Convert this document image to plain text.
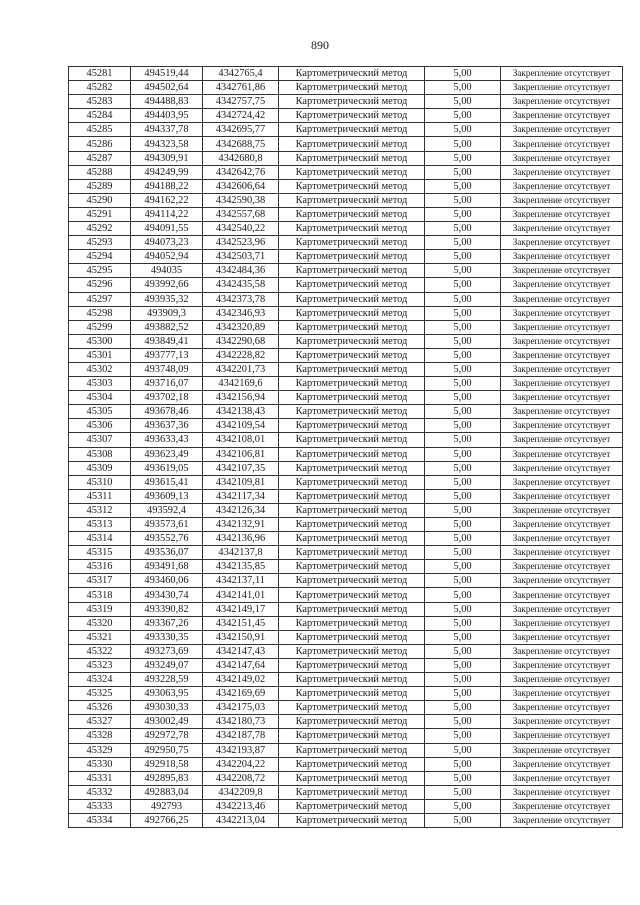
890
45281	494519,44	4342765,4	Картометрический метод	5,00	Закрепление отсутствует
45282	494502,64	4342761,86	Картометрический метод	5,00	Закрепление отсутствует
45283	494488,83	4342757,75	Картометрический метод	5,00	Закрепление отсутствует
45284	494403,95	4342724,42	Картометрический метод	5,00	Закрепление отсутствует
45285	494337,78	4342695,77	Картометрический метод	5,00	Закрепление отсутствует
45286	494323,58	4342688,75	Картометрический метод	5,00	Закрепление отсутствует
45287	494309,91	4342680,8	Картометрический метод	5,00	Закрепление отсутствует
45288	494249,99	4342642,76	Картометрический метод	5,00	Закрепление отсутствует
45289	494188,22	4342606,64	Картометрический метод	5,00	Закрепление отсутствует
45290	494162,22	4342590,38	Картометрический метод	5,00	Закрепление отсутствует
45291	494114,22	4342557,68	Картометрический метод	5,00	Закрепление отсутствует
45292	494091,55	4342540,22	Картометрический метод	5,00	Закрепление отсутствует
45293	494073,23	4342523,96	Картометрический метод	5,00	Закрепление отсутствует
45294	494052,94	4342503,71	Картометрический метод	5,00	Закрепление отсутствует
45295	494035	4342484,36	Картометрический метод	5,00	Закрепление отсутствует
45296	493992,66	4342435,58	Картометрический метод	5,00	Закрепление отсутствует
45297	493935,32	4342373,78	Картометрический метод	5,00	Закрепление отсутствует
45298	493909,3	4342346,93	Картометрический метод	5,00	Закрепление отсутствует
45299	493882,52	4342320,89	Картометрический метод	5,00	Закрепление отсутствует
45300	493849,41	4342290,68	Картометрический метод	5,00	Закрепление отсутствует
45301	493777,13	4342228,82	Картометрический метод	5,00	Закрепление отсутствует
45302	493748,09	4342201,73	Картометрический метод	5,00	Закрепление отсутствует
45303	493716,07	4342169,6	Картометрический метод	5,00	Закрепление отсутствует
45304	493702,18	4342156,94	Картометрический метод	5,00	Закрепление отсутствует
45305	493678,46	4342138,43	Картометрический метод	5,00	Закрепление отсутствует
45306	493637,36	4342109,54	Картометрический метод	5,00	Закрепление отсутствует
45307	493633,43	4342108,01	Картометрический метод	5,00	Закрепление отсутствует
45308	493623,49	4342106,81	Картометрический метод	5,00	Закрепление отсутствует
45309	493619,05	4342107,35	Картометрический метод	5,00	Закрепление отсутствует
45310	493615,41	4342109,81	Картометрический метод	5,00	Закрепление отсутствует
45311	493609,13	4342117,34	Картометрический метод	5,00	Закрепление отсутствует
45312	493592,4	4342126,34	Картометрический метод	5,00	Закрепление отсутствует
45313	493573,61	4342132,91	Картометрический метод	5,00	Закрепление отсутствует
45314	493552,76	4342136,96	Картометрический метод	5,00	Закрепление отсутствует
45315	493536,07	4342137,8	Картометрический метод	5,00	Закрепление отсутствует
45316	493491,68	4342135,85	Картометрический метод	5,00	Закрепление отсутствует
45317	493460,06	4342137,11	Картометрический метод	5,00	Закрепление отсутствует
45318	493430,74	4342141,01	Картометрический метод	5,00	Закрепление отсутствует
45319	493390,82	4342149,17	Картометрический метод	5,00	Закрепление отсутствует
45320	493367,26	4342151,45	Картометрический метод	5,00	Закрепление отсутствует
45321	493330,35	4342150,91	Картометрический метод	5,00	Закрепление отсутствует
45322	493273,69	4342147,43	Картометрический метод	5,00	Закрепление отсутствует
45323	493249,07	4342147,64	Картометрический метод	5,00	Закрепление отсутствует
45324	493228,59	4342149,02	Картометрический метод	5,00	Закрепление отсутствует
45325	493063,95	4342169,69	Картометрический метод	5,00	Закрепление отсутствует
45326	493030,33	4342175,03	Картометрический метод	5,00	Закрепление отсутствует
45327	493002,49	4342180,73	Картометрический метод	5,00	Закрепление отсутствует
45328	492972,78	4342187,78	Картометрический метод	5,00	Закрепление отсутствует
45329	492950,75	4342193,87	Картометрический метод	5,00	Закрепление отсутствует
45330	492918,58	4342204,22	Картометрический метод	5,00	Закрепление отсутствует
45331	492895,83	4342208,72	Картометрический метод	5,00	Закрепление отсутствует
45332	492883,04	4342209,8	Картометрический метод	5,00	Закрепление отсутствует
45333	492793	4342213,46	Картометрический метод	5,00	Закрепление отсутствует
45334	492766,25	4342213,04	Картометрический метод	5,00	Закрепление отсутствует
